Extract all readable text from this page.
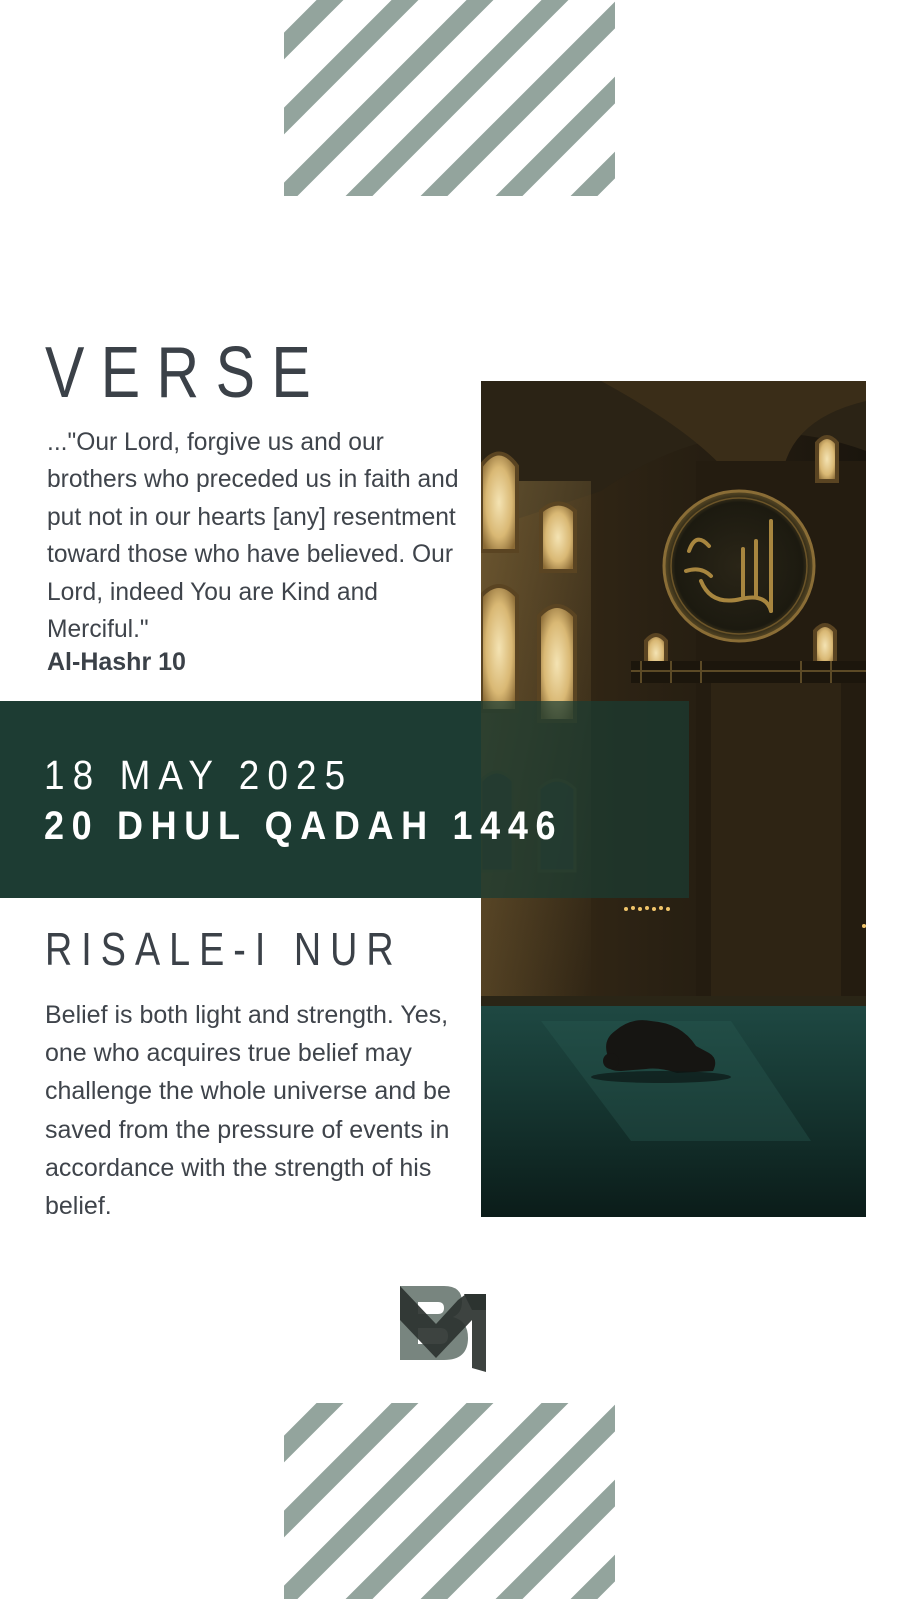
VERSE

..."Our Lord, forgive us and our brothers who preceded us in faith and put not in our hearts [any] resentment toward those who have believed. Our Lord, indeed You are Kind and Merciful."

Al-Hashr 10
18 MAY 2025
20 DHUL QADAH 1446
RISALE-I NUR

Belief is both light and strength. Yes, one who acquires true belief may challenge the whole universe and be saved from the pressure of events in accordance with the strength of his belief.
